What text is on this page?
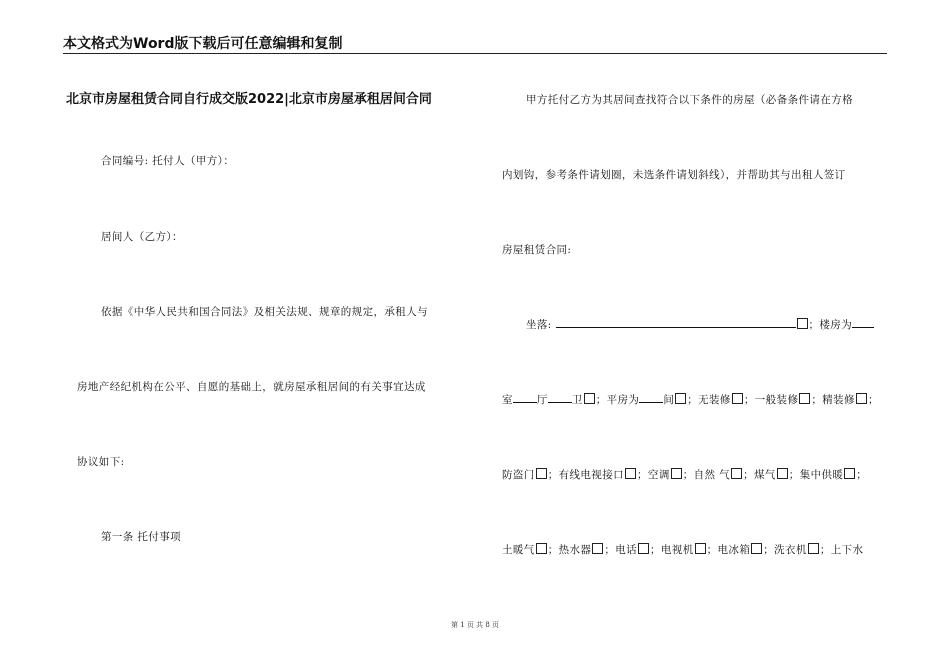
本文格式为Word版下载后可任意编辑和复制
北京市房屋租赁合同自行成交版2022|北京市房屋承租居间合同
合同编号: 托付人（甲方）：
居间人（乙方）：
依据《中华人民共和国合同法》及相关法规、规章的规定，承租人与
房地产经纪机构在公平、自愿的基础上，就房屋承租居间的有关事宜达成
协议如下:
第一条 托付事项
甲方托付乙方为其居间查找符合以下条件的房屋（必备条件请在方格
内划钩，参考条件请划圈，未选条件请划斜线），并帮助其与出租人签订
房屋租赁合同:
坐落:	；楼房为
室 厅 卫 ；平房为 间 ；无装修 ；一般装修 ；精装修 ；
防盗门 ；有线电视接口 ；空调 ；自然 气 ；煤气 ；集中供暖 ；
土暖气 ；热水器 ；电话 ；电视机 ；电冰箱 ；洗衣机 ；上下水
第 1 页 共 8 页
